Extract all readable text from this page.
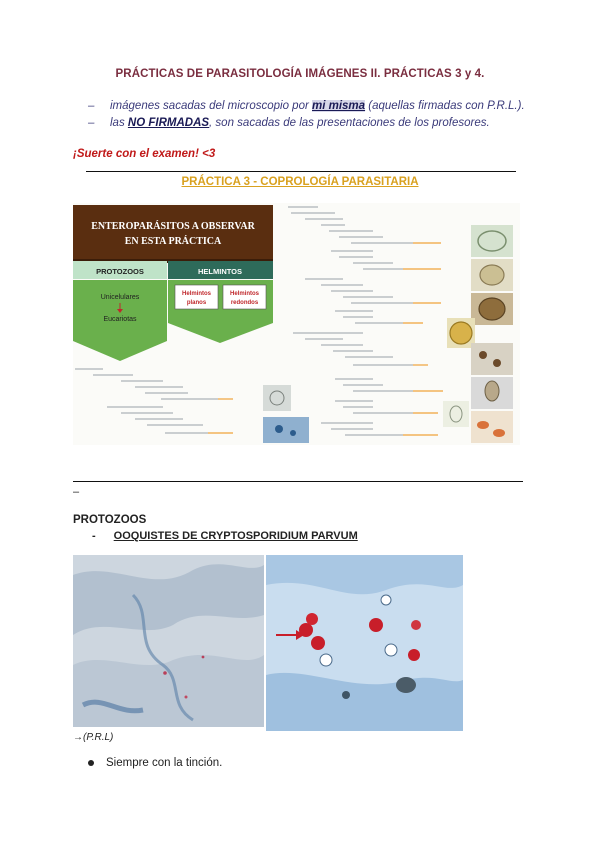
PRÁCTICAS DE PARASITOLOGÍA IMÁGENES II. PRÁCTICAS 3 y 4.
– imágenes sacadas del microscopio por mi misma (aquellas firmadas con P.R.L.).
– las NO FIRMADAS, son sacadas de las presentaciones de los profesores.
¡Suerte con el examen! <3
PRÁCTICA 3 - COPROLOGÍA PARASITARIA
ENTEROPARÁSITOS A OBSERVAR
EN ESTA PRÁCTICA
PROTOZOOS	HELMINTOS
Unicelulares
Eucariotas
Helmintos
planos
Helmintos
redondos
–
PROTOZOOS
- OOQUISTES DE CRYPTOSPORIDIUM PARVUM
→(P.R.L)
Siempre con la tinción.
